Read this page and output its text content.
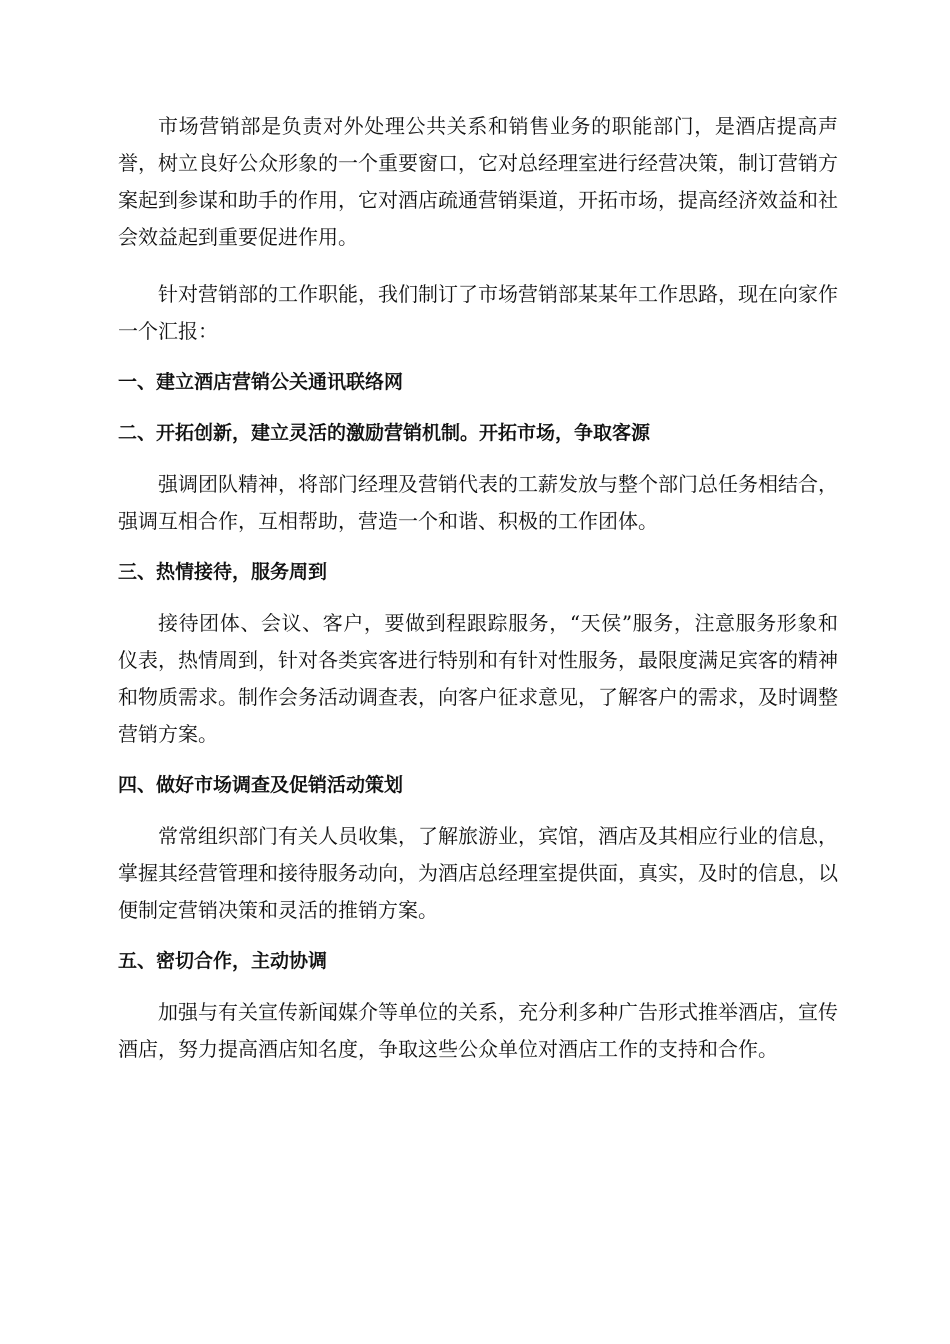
市场营销部是负责对外处理公共关系和销售业务的职能部门，是酒店提高声誉，树立良好公众形象的一个重要窗口，它对总经理室进行经营决策，制订营销方案起到参谋和助手的作用，它对酒店疏通营销渠道，开拓市场，提高经济效益和社会效益起到重要促进作用。

针对营销部的工作职能，我们制订了市场营销部某某年工作思路，现在向家作一个汇报：

一、建立酒店营销公关通讯联络网

二、开拓创新，建立灵活的激励营销机制。开拓市场，争取客源

强调团队精神，将部门经理及营销代表的工薪发放与整个部门总任务相结合，强调互相合作，互相帮助，营造一个和谐、积极的工作团体。

三、热情接待，服务周到

接待团体、会议、客户，要做到程跟踪服务，“天侯”服务，注意服务形象和仪表，热情周到，针对各类宾客进行特别和有针对性服务，最限度满足宾客的精神和物质需求。制作会务活动调查表，向客户征求意见，了解客户的需求，及时调整营销方案。

四、做好市场调查及促销活动策划

常常组织部门有关人员收集，了解旅游业，宾馆，酒店及其相应行业的信息，掌握其经营管理和接待服务动向，为酒店总经理室提供面，真实，及时的信息，以便制定营销决策和灵活的推销方案。

五、密切合作，主动协调

加强与有关宣传新闻媒介等单位的关系，充分利多种广告形式推举酒店，宣传酒店，努力提高酒店知名度，争取这些公众单位对酒店工作的支持和合作。
